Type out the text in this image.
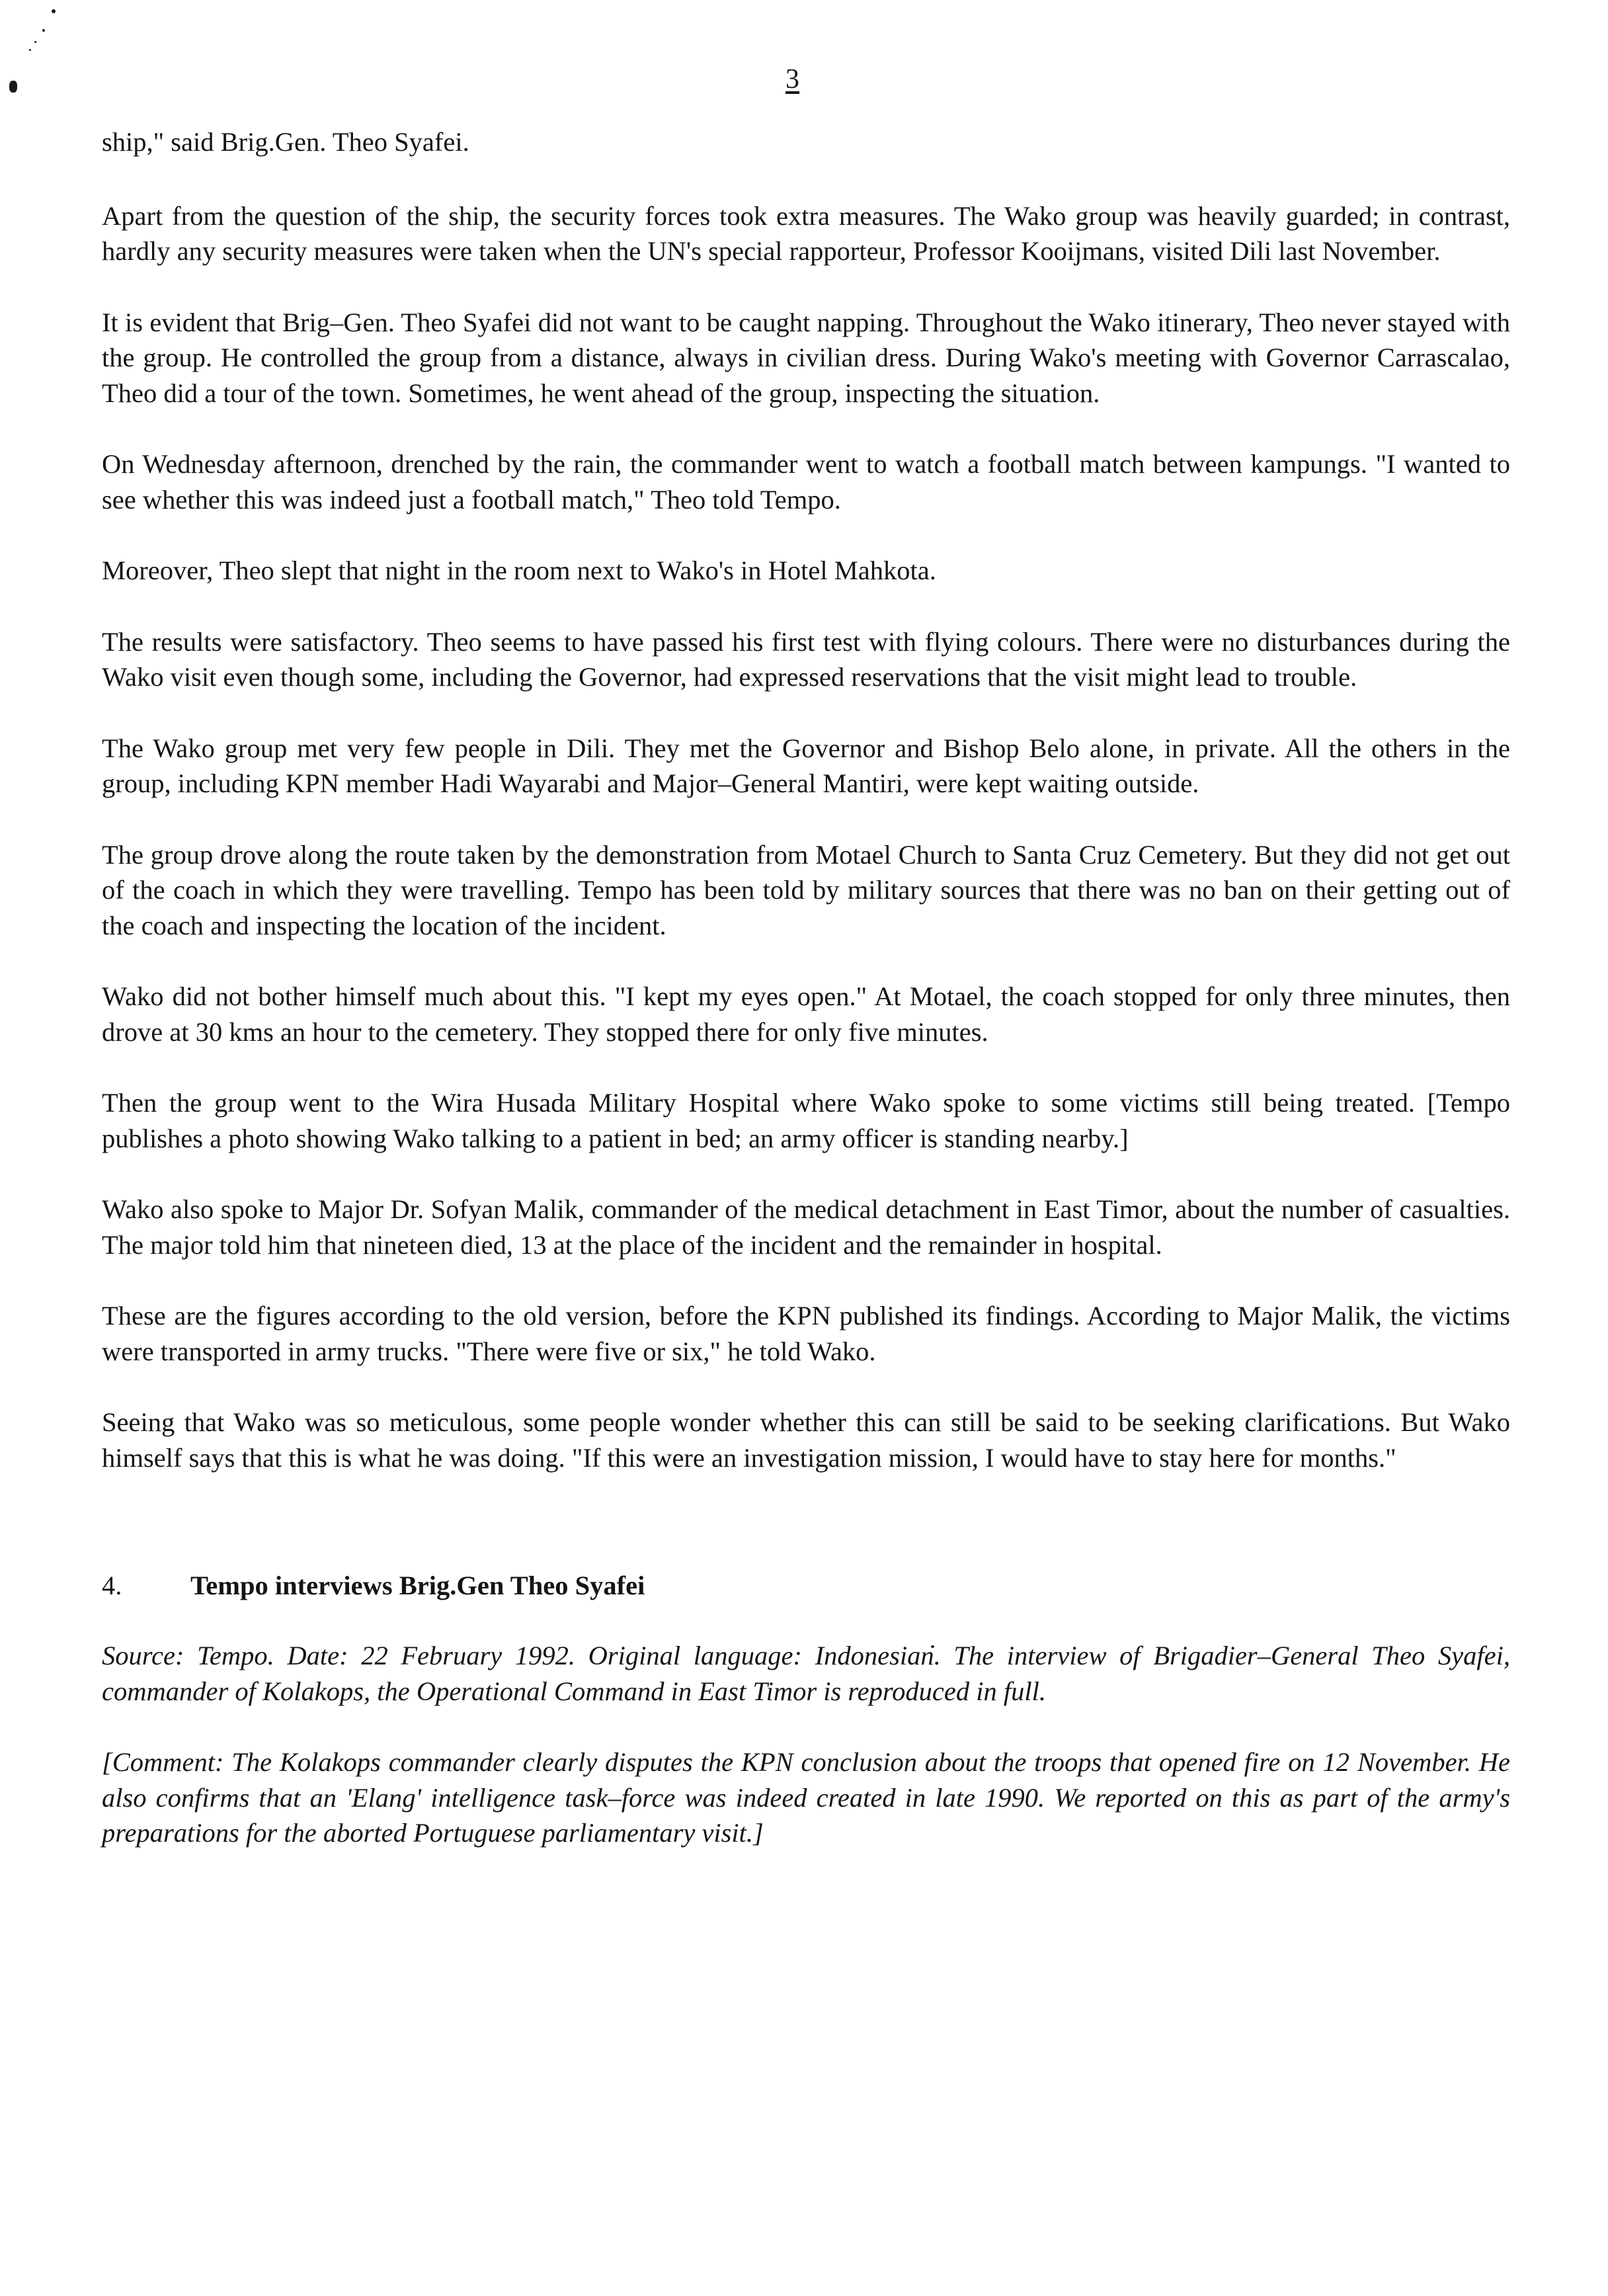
3

ship," said Brig.Gen. Theo Syafei.

Apart from the question of the ship, the security forces took extra measures. The Wako group was heavily guarded; in contrast, hardly any security measures were taken when the UN's special rapporteur, Professor Kooijmans, visited Dili last November.

It is evident that Brig–Gen. Theo Syafei did not want to be caught napping. Throughout the Wako itinerary, Theo never stayed with the group. He controlled the group from a distance, always in civilian dress. During Wako's meeting with Governor Carrascalao, Theo did a tour of the town. Sometimes, he went ahead of the group, inspecting the situation.

On Wednesday afternoon, drenched by the rain, the commander went to watch a football match between kampungs. "I wanted to see whether this was indeed just a football match," Theo told Tempo.

Moreover, Theo slept that night in the room next to Wako's in Hotel Mahkota.

The results were satisfactory. Theo seems to have passed his first test with flying colours. There were no disturbances during the Wako visit even though some, including the Governor, had expressed reservations that the visit might lead to trouble.

The Wako group met very few people in Dili. They met the Governor and Bishop Belo alone, in private. All the others in the group, including KPN member Hadi Wayarabi and Major–General Mantiri, were kept waiting outside.

The group drove along the route taken by the demonstration from Motael Church to Santa Cruz Cemetery. But they did not get out of the coach in which they were travelling. Tempo has been told by military sources that there was no ban on their getting out of the coach and inspecting the location of the incident.

Wako did not bother himself much about this. "I kept my eyes open." At Motael, the coach stopped for only three minutes, then drove at 30 kms an hour to the cemetery. They stopped there for only five minutes.

Then the group went to the Wira Husada Military Hospital where Wako spoke to some victims still being treated. [Tempo publishes a photo showing Wako talking to a patient in bed; an army officer is standing nearby.]

Wako also spoke to Major Dr. Sofyan Malik, commander of the medical detachment in East Timor, about the number of casualties. The major told him that nineteen died, 13 at the place of the incident and the remainder in hospital.

These are the figures according to the old version, before the KPN published its findings. According to Major Malik, the victims were transported in army trucks. "There were five or six," he told Wako.

Seeing that Wako was so meticulous, some people wonder whether this can still be said to be seeking clarifications. But Wako himself says that this is what he was doing. "If this were an investigation mission, I would have to stay here for months."

4.	Tempo interviews Brig.Gen Theo Syafei

Source: Tempo. Date: 22 February 1992. Original language: Indonesian. The interview of Brigadier–General Theo Syafei, commander of Kolakops, the Operational Command in East Timor is reproduced in full.

[Comment: The Kolakops commander clearly disputes the KPN conclusion about the troops that opened fire on 12 November. He also confirms that an 'Elang' intelligence task–force was indeed created in late 1990. We reported on this as part of the army's preparations for the aborted Portuguese parliamentary visit.]
